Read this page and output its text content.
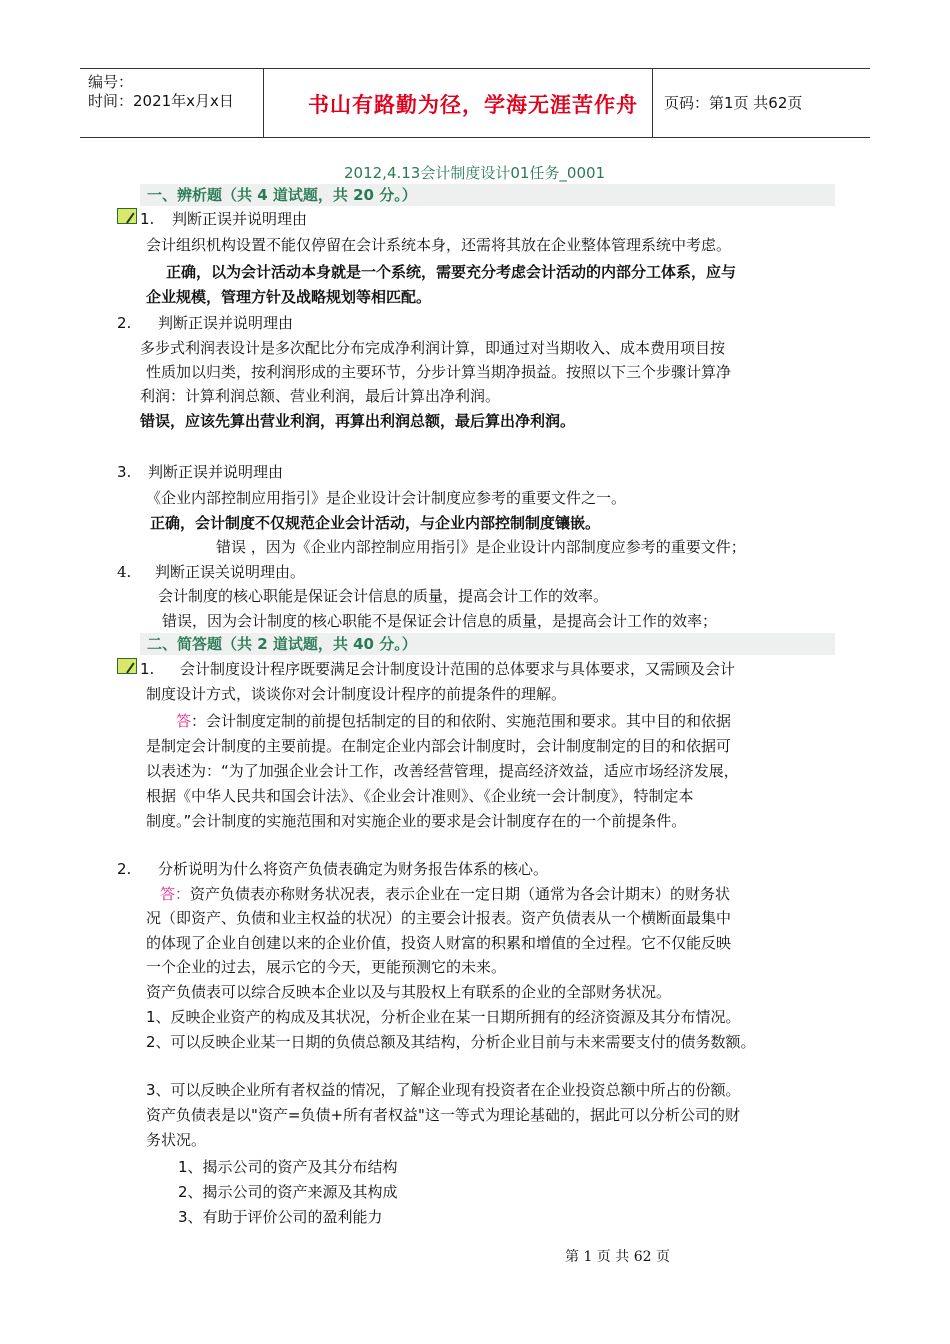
编号：
时间：2021年x月x日	书山有路勤为径，学海无涯苦作舟 页码：第1页 共62页
2012,4.13会计制度设计01任务_0001
一、辨析题（共 4 道试题，共 20 分。）
1. 判断正误并说明理由
会计组织机构设置不能仅停留在会计系统本身，还需将其放在企业整体管理系统中考虑。
正确，以为会计活动本身就是一个系统，需要充分考虑会计活动的内部分工体系，应与
企业规模，管理方针及战略规划等相匹配。
2. 判断正误并说明理由
多步式利润表设计是多次配比分布完成净利润计算，即通过对当期收入、成本费用项目按
性质加以归类，按利润形成的主要环节，分步计算当期净损益。按照以下三个步骤计算净
利润：计算利润总额、营业利润，最后计算出净利润。
错误，应该先算出营业利润，再算出利润总额，最后算出净利润。
3. 判断正误并说明理由
《企业内部控制应用指引》是企业设计会计制度应参考的重要文件之一。
正确，会计制度不仅规范企业会计活动，与企业内部控制制度镶嵌。
错误 ，因为《企业内部控制应用指引》是企业设计内部制度应参考的重要文件；
4. 判断正误关说明理由。
会计制度的核心职能是保证会计信息的质量，提高会计工作的效率。
错误，因为会计制度的核心职能不是保证会计信息的质量，是提高会计工作的效率；
二、简答题（共 2 道试题，共 40 分。）
1. 会计制度设计程序既要满足会计制度设计范围的总体要求与具体要求，又需顾及会计
制度设计方式，谈谈你对会计制度设计程序的前提条件的理解。
答：会计制度定制的前提包括制定的目的和依附、实施范围和要求。其中目的和依据
是制定会计制度的主要前提。在制定企业内部会计制度时，会计制度制定的目的和依据可
以表述为：“为了加强企业会计工作，改善经营管理，提高经济效益，适应市场经济发展，
根据《中华人民共和国会计法》、《企业会计准则》、《企业统一会计制度》，特制定本
制度。”会计制度的实施范围和对实施企业的要求是会计制度存在的一个前提条件。
2. 分析说明为什么将资产负债表确定为财务报告体系的核心。
答：资产负债表亦称财务状况表，表示企业在一定日期（通常为各会计期末）的财务状
况（即资产、负债和业主权益的状况）的主要会计报表。资产负债表从一个横断面最集中
的体现了企业自创建以来的企业价值，投资人财富的积累和增值的全过程。它不仅能反映
一个企业的过去，展示它的今天，更能预测它的未来。
资产负债表可以综合反映本企业以及与其股权上有联系的企业的全部财务状况。
1、反映企业资产的构成及其状况，分析企业在某一日期所拥有的经济资源及其分布情况。
2、可以反映企业某一日期的负债总额及其结构，分析企业目前与未来需要支付的债务数额。
3、可以反映企业所有者权益的情况，了解企业现有投资者在企业投资总额中所占的份额。
资产负债表是以"资产=负债+所有者权益"这一等式为理论基础的，据此可以分析公司的财
务状况。
1、揭示公司的资产及其分布结构
2、揭示公司的资产来源及其构成
3、有助于评价公司的盈利能力
第 1 页 共 62 页
